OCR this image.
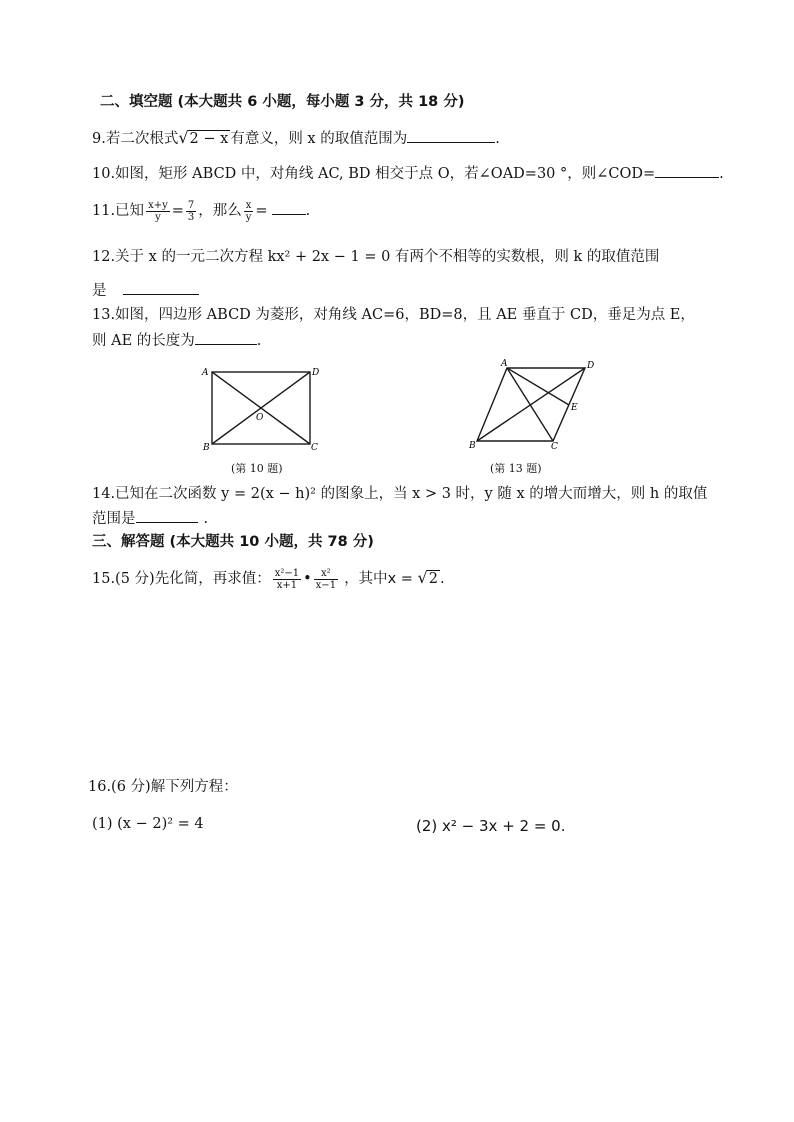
二、填空题 (本大题共 6 小题，每小题 3 分，共 18 分)
9.若二次根式√2 − x 有意义，则 x 的取值范围为	.
10.如图，矩形 ABCD 中，对角线 AC, BD 相交于点 O，若∠OAD=30 °，则∠COD=	.
11.已知 $\frac{x+y}{y} = \frac{7}{3}$ ，那么 $\frac{x}{y}$ =	.
12.关于 x 的一元二次方程 kx² + 2x − 1 = 0 有两个不相等的实数根，则 k 的取值范围
是
13.如图，四边形 ABCD 为菱形，对角线 AC=6，BD=8，且 AE 垂直于 CD，垂足为点 E，
则 AE 的长度为	.
A	D
B	C
O
(第 10 题)
A	D
E
B	C
(第 13 题)
14.已知在二次函数 y = 2(x − h)² 的图象上，当 x > 3 时，y 随 x 的增大而增大，则 h 的取值
范围是	.
三、解答题 (本大题共 10 小题，共 78 分)
15.(5 分)先化简，再求值： $\frac{\text{x²−1}}{x+1}$ • $\frac{\text{x²}}{x-1}$ ，其中x = √2 .
16.(6 分)解下列方程：
(1) (x − 2)² = 4	(2) x² − 3x + 2 = 0.
